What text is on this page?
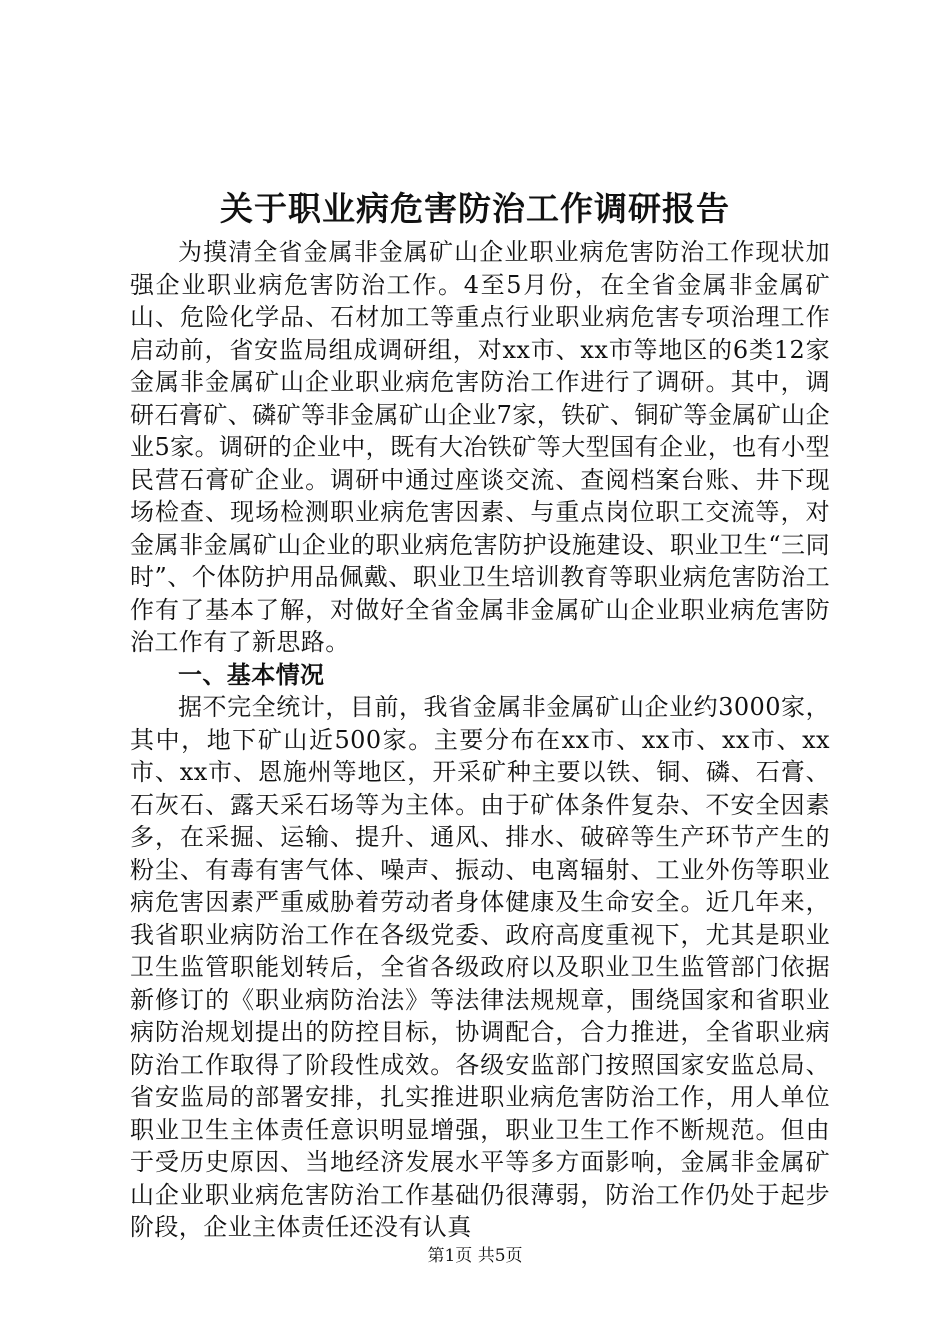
关于职业病危害防治工作调研报告

为摸清全省金属非金属矿山企业职业病危害防治工作现状加强企业职业病危害防治工作。4至5月份，在全省金属非金属矿山、危险化学品、石材加工等重点行业职业病危害专项治理工作启动前，省安监局组成调研组，对xx市、xx市等地区的6类12家金属非金属矿山企业职业病危害防治工作进行了调研。其中，调研石膏矿、磷矿等非金属矿山企业7家，铁矿、铜矿等金属矿山企业5家。调研的企业中，既有大冶铁矿等大型国有企业，也有小型民营石膏矿企业。调研中通过座谈交流、查阅档案台账、井下现场检查、现场检测职业病危害因素、与重点岗位职工交流等，对金属非金属矿山企业的职业病危害防护设施建设、职业卫生“三同时”、个体防护用品佩戴、职业卫生培训教育等职业病危害防治工作有了基本了解，对做好全省金属非金属矿山企业职业病危害防治工作有了新思路。

一、基本情况

据不完全统计，目前，我省金属非金属矿山企业约3000家，其中，地下矿山近500家。主要分布在xx市、xx市、xx市、xx市、xx市、恩施州等地区，开采矿种主要以铁、铜、磷、石膏、石灰石、露天采石场等为主体。由于矿体条件复杂、不安全因素多，在采掘、运输、提升、通风、排水、破碎等生产环节产生的粉尘、有毒有害气体、噪声、振动、电离辐射、工业外伤等职业病危害因素严重威胁着劳动者身体健康及生命安全。近几年来，我省职业病防治工作在各级党委、政府高度重视下，尤其是职业卫生监管职能划转后，全省各级政府以及职业卫生监管部门依据新修订的《职业病防治法》等法律法规规章，围绕国家和省职业病防治规划提出的防控目标，协调配合，合力推进，全省职业病防治工作取得了阶段性成效。各级安监部门按照国家安监总局、省安监局的部署安排，扎实推进职业病危害防治工作，用人单位职业卫生主体责任意识明显增强，职业卫生工作不断规范。但由于受历史原因、当地经济发展水平等多方面影响，金属非金属矿山企业职业病危害防治工作基础仍很薄弱，防治工作仍处于起步阶段，企业主体责任还没有认真

第1页 共5页
